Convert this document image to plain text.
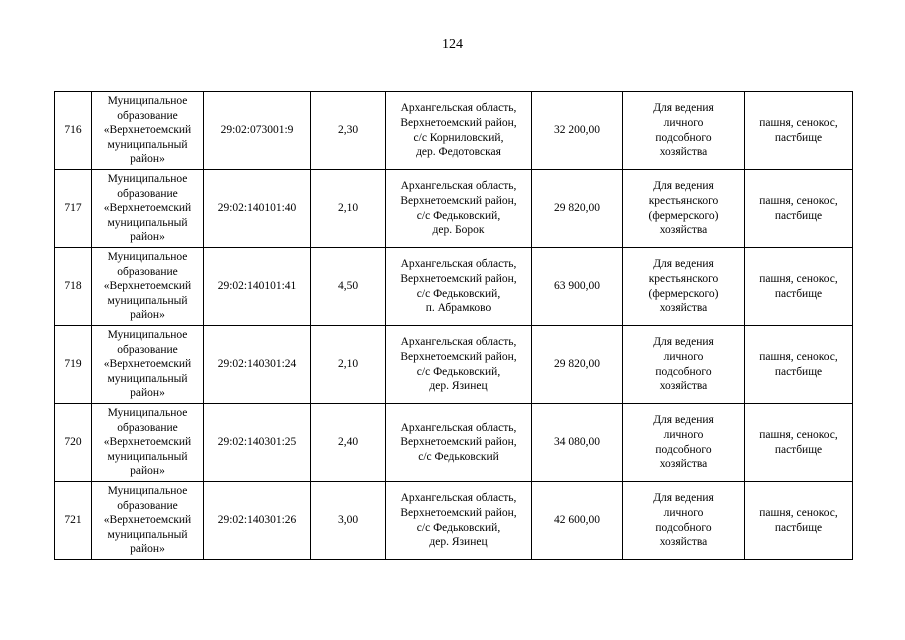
124
716	Муниципальное
образование
«Верхнетоемский
муниципальный
район»	29:02:073001:9	2,30	Архангельская область,
Верхнетоемский район,
с/с Корниловский,
дер. Федотовская	32 200,00	Для ведения
личного
подсобного
хозяйства	пашня, сенокос,
пастбище
717	Муниципальное
образование
«Верхнетоемский
муниципальный
район»	29:02:140101:40	2,10	Архангельская область,
Верхнетоемский район,
с/с Федьковский,
дер. Борок	29 820,00	Для ведения
крестьянского
(фермерского)
хозяйства	пашня, сенокос,
пастбище
718	Муниципальное
образование
«Верхнетоемский
муниципальный
район»	29:02:140101:41	4,50	Архангельская область,
Верхнетоемский район,
с/с Федьковский,
п. Абрамково	63 900,00	Для ведения
крестьянского
(фермерского)
хозяйства	пашня, сенокос,
пастбище
719	Муниципальное
образование
«Верхнетоемский
муниципальный
район»	29:02:140301:24	2,10	Архангельская область,
Верхнетоемский район,
с/с Федьковский,
дер. Язинец	29 820,00	Для ведения
личного
подсобного
хозяйства	пашня, сенокос,
пастбище
720	Муниципальное
образование
«Верхнетоемский
муниципальный
район»	29:02:140301:25	2,40	Архангельская область,
Верхнетоемский район,
с/с Федьковский	34 080,00	Для ведения
личного
подсобного
хозяйства	пашня, сенокос,
пастбище
721	Муниципальное
образование
«Верхнетоемский
муниципальный
район»	29:02:140301:26	3,00	Архангельская область,
Верхнетоемский район,
с/с Федьковский,
дер. Язинец	42 600,00	Для ведения
личного
подсобного
хозяйства	пашня, сенокос,
пастбище
